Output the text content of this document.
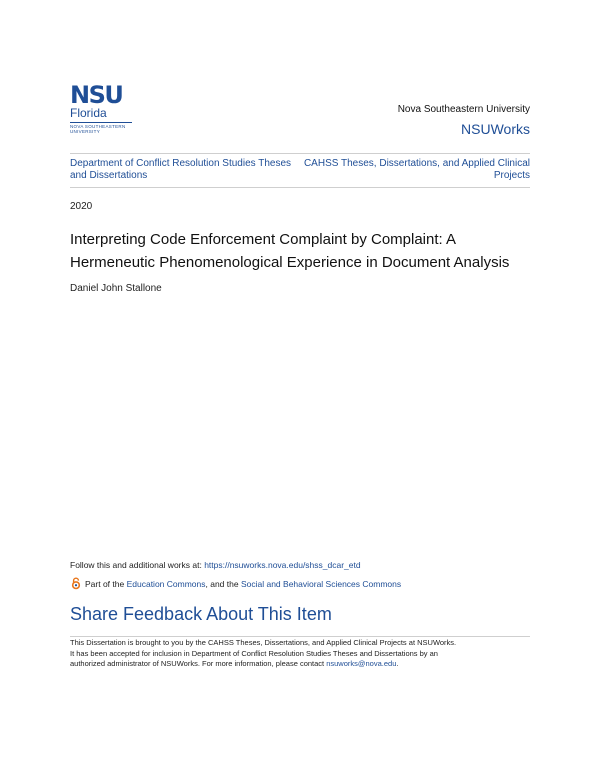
NSU
Florida
NOVA SOUTHEASTERN UNIVERSITY
Nova Southeastern University
NSUWorks
Department of Conflict Resolution Studies Theses and Dissertations
CAHSS Theses, Dissertations, and Applied Clinical Projects
2020
Interpreting Code Enforcement Complaint by Complaint: A Hermeneutic Phenomenological Experience in Document Analysis
Daniel John Stallone
Follow this and additional works at: https://nsuworks.nova.edu/shss_dcar_etd
Part of the
Education Commons , and the
Social and Behavioral Sciences Commons
Share Feedback About This Item

This Dissertation is brought to you by the CAHSS Theses, Dissertations, and Applied Clinical Projects at NSUWorks.

It has been accepted for inclusion in Department of Conflict Resolution Studies Theses and Dissertations by an

authorized administrator of NSUWorks. For more information, please contact nsuworks@nova.edu.
